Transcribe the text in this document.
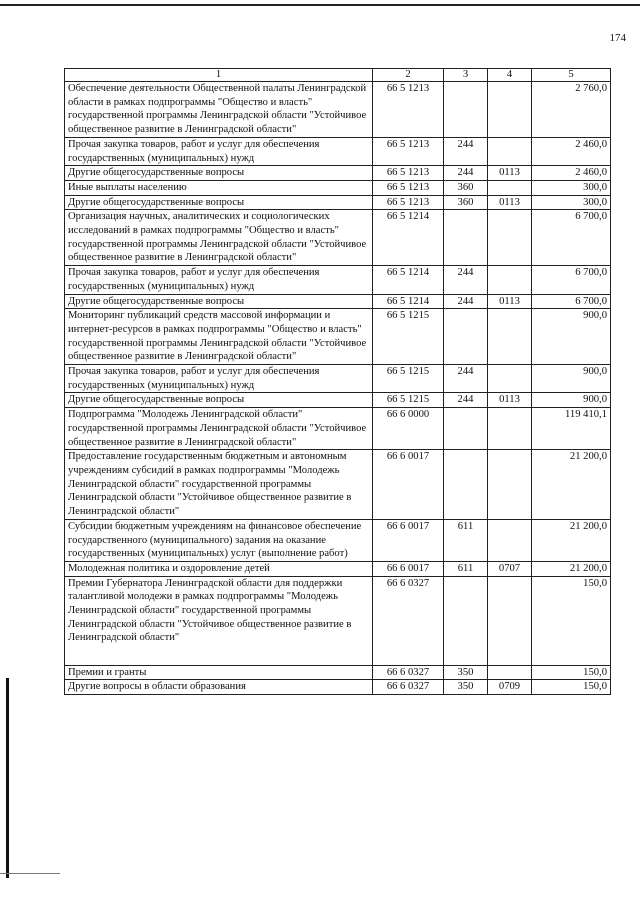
174
1	2	3	4	5
Обеспечение деятельности Общественной палаты Ленинградской области в рамках подпрограммы "Общество и власть" государственной программы Ленинградской области "Устойчивое общественное развитие в Ленинградской области"	66 5 1213			2 760,0
Прочая закупка товаров, работ и услуг для обеспечения государственных (муниципальных) нужд	66 5 1213	244		2 460,0
Другие общегосударственные вопросы	66 5 1213	244	0113	2 460,0
Иные выплаты населению	66 5 1213	360		300,0
Другие общегосударственные вопросы	66 5 1213	360	0113	300,0
Организация научных, аналитических и социологических исследований в рамках подпрограммы "Общество и власть" государственной программы Ленинградской области "Устойчивое общественное развитие в Ленинградской области"	66 5 1214			6 700,0
Прочая закупка товаров, работ и услуг для обеспечения государственных (муниципальных) нужд	66 5 1214	244		6 700,0
Другие общегосударственные вопросы	66 5 1214	244	0113	6 700,0
Мониторинг публикаций средств массовой информации и интернет-ресурсов в рамках подпрограммы "Общество и власть" государственной программы Ленинградской области "Устойчивое общественное развитие в Ленинградской области"	66 5 1215			900,0
Прочая закупка товаров, работ и услуг для обеспечения государственных (муниципальных) нужд	66 5 1215	244		900,0
Другие общегосударственные вопросы	66 5 1215	244	0113	900,0
Подпрограмма "Молодежь Ленинградской области" государственной программы Ленинградской области "Устойчивое общественное развитие в Ленинградской области"	66 6 0000			119 410,1
Предоставление государственным бюджетным и автономным учреждениям субсидий в рамках подпрограммы "Молодежь Ленинградской области" государственной программы Ленинградской области "Устойчивое общественное развитие в Ленинградской области"	66 6 0017			21 200,0
Субсидии бюджетным учреждениям на финансовое обеспечение государственного (муниципального) задания на оказание государственных (муниципальных) услуг (выполнение работ)	66 6 0017	611		21 200,0
Молодежная политика и оздоровление детей	66 6 0017	611	0707	21 200,0
Премии Губернатора Ленинградской области для поддержки талантливой молодежи в рамках подпрограммы "Молодежь Ленинградской области" государственной программы Ленинградской области "Устойчивое общественное развитие в Ленинградской области"	66 6 0327			150,0
Премии и гранты	66 6 0327	350		150,0
Другие вопросы в области образования	66 6 0327	350	0709	150,0
